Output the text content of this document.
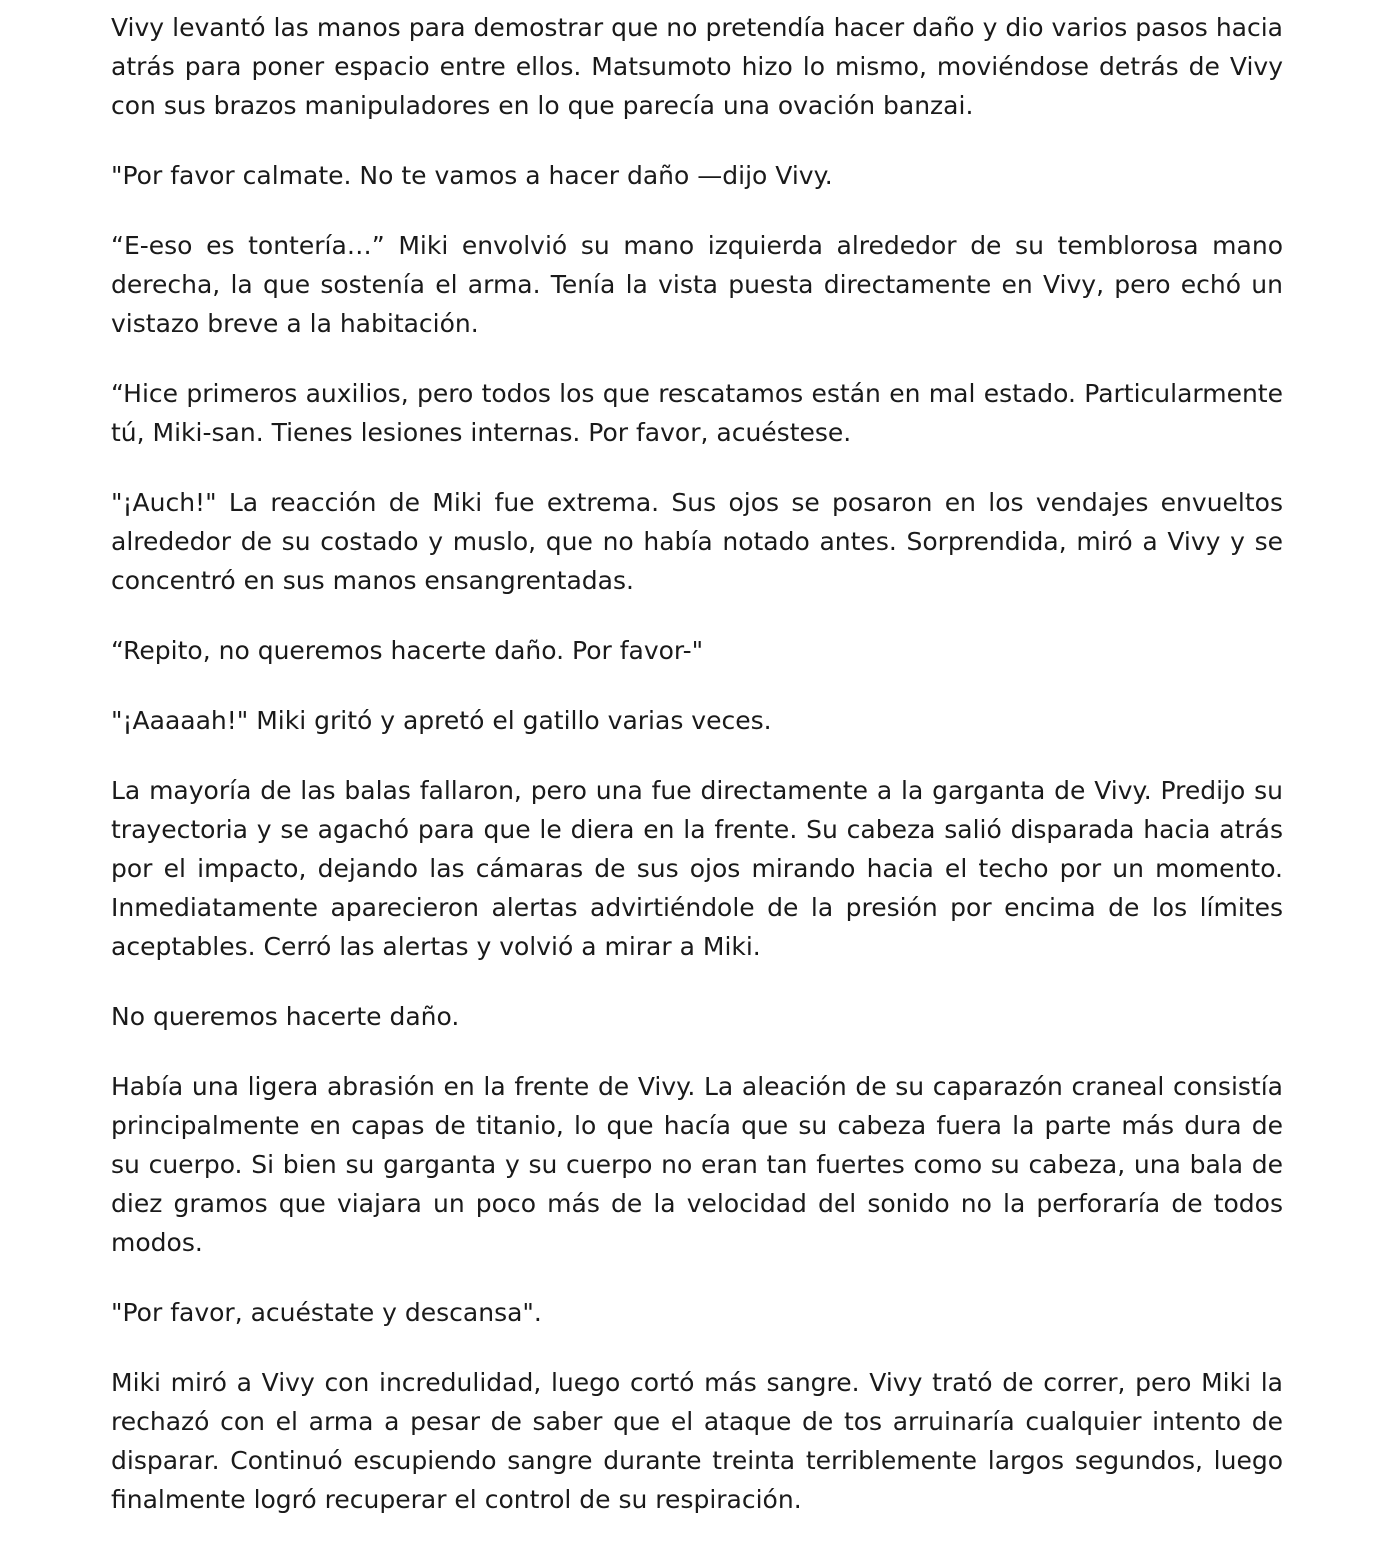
Vivy levantó las manos para demostrar que no pretendía hacer daño y dio varios pasos hacia atrás para poner espacio entre ellos. Matsumoto hizo lo mismo, moviéndose detrás de Vivy con sus brazos manipuladores en lo que parecía una ovación banzai.

"Por favor calmate. No te vamos a hacer daño —dijo Vivy.

“E-eso es tontería…” Miki envolvió su mano izquierda alrededor de su temblorosa mano derecha, la que sostenía el arma. Tenía la vista puesta directamente en Vivy, pero echó un vistazo breve a la habitación.

“Hice primeros auxilios, pero todos los que rescatamos están en mal estado. Particularmente tú, Miki-san. Tienes lesiones internas. Por favor, acuéstese.

"¡Auch!" La reacción de Miki fue extrema. Sus ojos se posaron en los vendajes envueltos alrededor de su costado y muslo, que no había notado antes. Sorprendida, miró a Vivy y se concentró en sus manos ensangrentadas.

“Repito, no queremos hacerte daño. Por favor-"

"¡Aaaaah!" Miki gritó y apretó el gatillo varias veces.

La mayoría de las balas fallaron, pero una fue directamente a la garganta de Vivy. Predijo su trayectoria y se agachó para que le diera en la frente. Su cabeza salió disparada hacia atrás por el impacto, dejando las cámaras de sus ojos mirando hacia el techo por un momento. Inmediatamente aparecieron alertas advirtiéndole de la presión por encima de los límites aceptables. Cerró las alertas y volvió a mirar a Miki.

No queremos hacerte daño.

Había una ligera abrasión en la frente de Vivy. La aleación de su caparazón craneal consistía principalmente en capas de titanio, lo que hacía que su cabeza fuera la parte más dura de su cuerpo. Si bien su garganta y su cuerpo no eran tan fuertes como su cabeza, una bala de diez gramos que viajara un poco más de la velocidad del sonido no la perforaría de todos modos.

"Por favor, acuéstate y descansa".

Miki miró a Vivy con incredulidad, luego cortó más sangre. Vivy trató de correr, pero Miki la rechazó con el arma a pesar de saber que el ataque de tos arruinaría cualquier intento de disparar. Continuó escupiendo sangre durante treinta terriblemente largos segundos, luego finalmente logró recuperar el control de su respiración.
